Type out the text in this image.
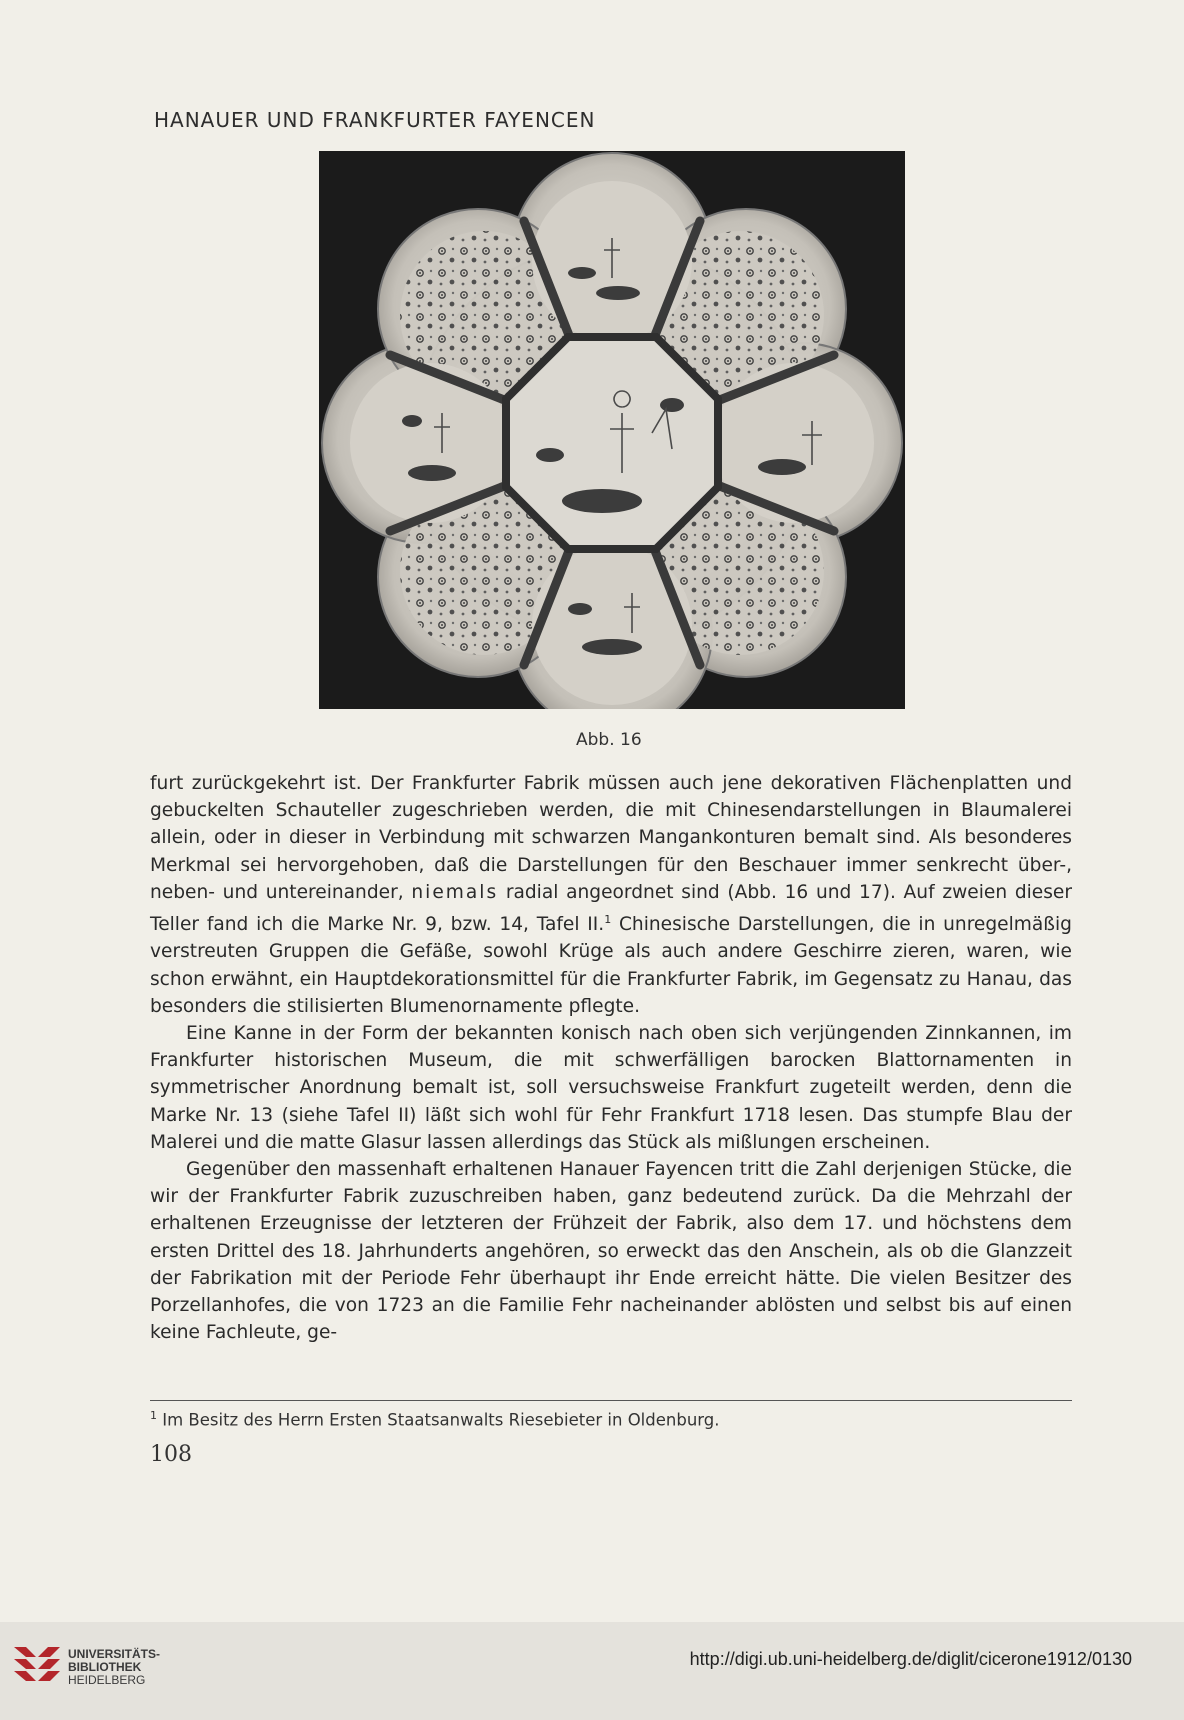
HANAUER UND FRANKFURTER FAYENCEN
Abb. 16

furt zurückgekehrt ist. Der Frankfurter Fabrik müssen auch jene dekorativen Flächenplatten und gebuckelten Schauteller zugeschrieben werden, die mit Chinesendarstellungen in Blaumalerei allein, oder in dieser in Verbindung mit schwarzen Mangankonturen bemalt sind. Als besonderes Merkmal sei hervorgehoben, daß die Darstellungen für den Beschauer immer senkrecht über-, neben- und untereinander, niemals radial angeordnet sind (Abb. 16 und 17). Auf zweien dieser Teller fand ich die Marke Nr. 9, bzw. 14, Tafel II.$^1$ Chinesische Darstellungen, die in unregelmäßig verstreuten Gruppen die Gefäße, sowohl Krüge als auch andere Geschirre zieren, waren, wie schon erwähnt, ein Hauptdekorationsmittel für die Frankfurter Fabrik, im Gegensatz zu Hanau, das besonders die stilisierten Blumenornamente pflegte.

Eine Kanne in der Form der bekannten konisch nach oben sich verjüngenden Zinnkannen, im Frankfurter historischen Museum, die mit schwerfälligen barocken Blattornamenten in symmetrischer Anordnung bemalt ist, soll versuchsweise Frankfurt zugeteilt werden, denn die Marke Nr. 13 (siehe Tafel II) läßt sich wohl für Fehr Frankfurt 1718 lesen. Das stumpfe Blau der Malerei und die matte Glasur lassen allerdings das Stück als mißlungen erscheinen.

Gegenüber den massenhaft erhaltenen Hanauer Fayencen tritt die Zahl derjenigen Stücke, die wir der Frankfurter Fabrik zuzuschreiben haben, ganz bedeutend zurück. Da die Mehrzahl der erhaltenen Erzeugnisse der letzteren der Frühzeit der Fabrik, also dem 17. und höchstens dem ersten Drittel des 18. Jahrhunderts angehören, so erweckt das den Anschein, als ob die Glanzzeit der Fabrikation mit der Periode Fehr überhaupt ihr Ende erreicht hätte. Die vielen Besitzer des Porzellanhofes, die von 1723 an die Familie Fehr nacheinander ablösten und selbst bis auf einen keine Fachleute, ge-

$^1$ Im Besitz des Herrn Ersten Staatsanwalts Riesebieter in Oldenburg.
108
UNIVERSITÄTS-
BIBLIOTHEK
HEIDELBERG
http://digi.ub.uni-heidelberg.de/diglit/cicerone1912/0130
